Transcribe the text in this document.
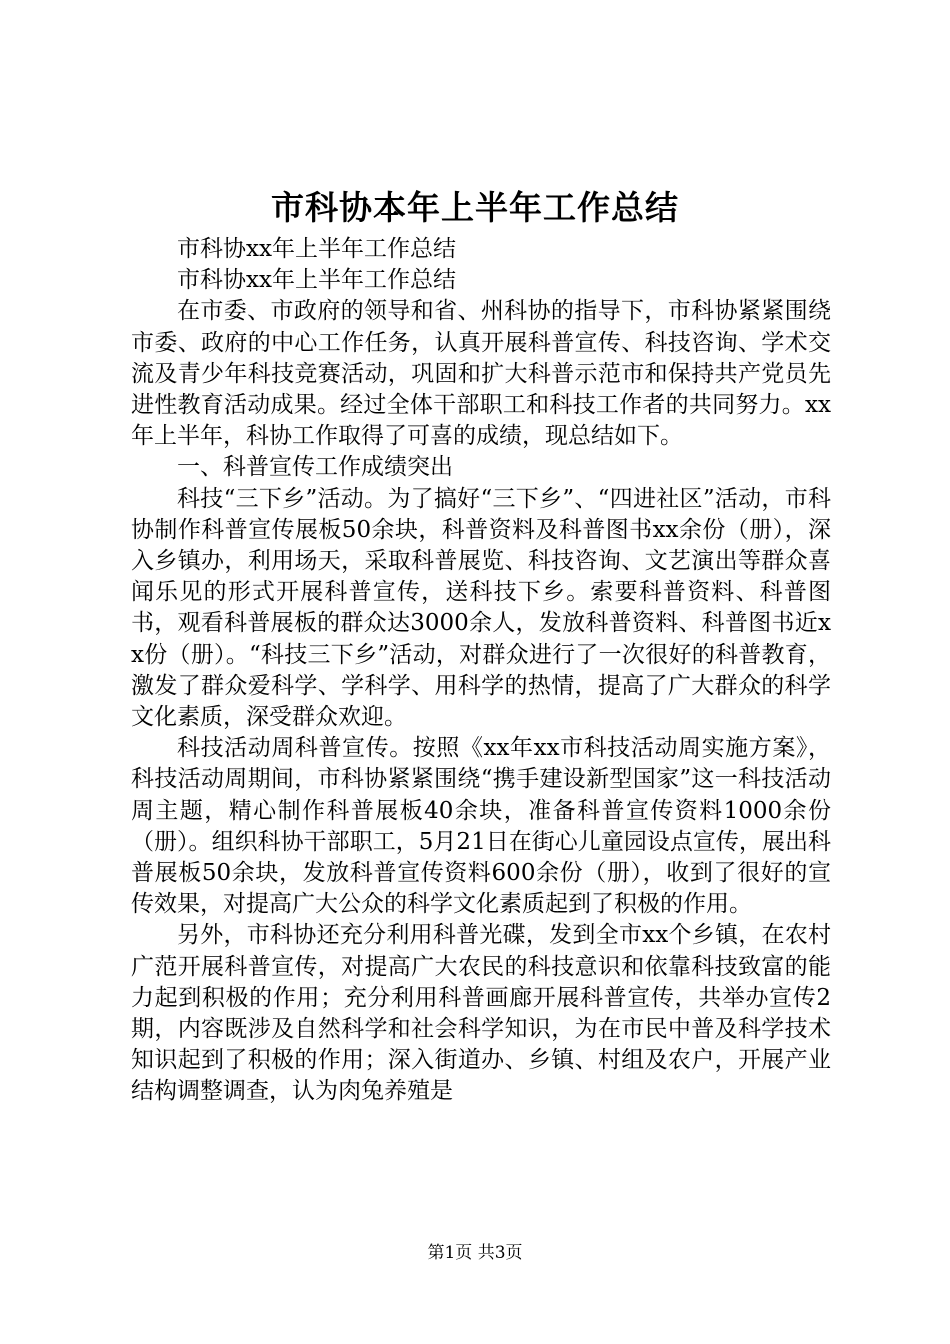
市科协本年上半年工作总结

市科协xx年上半年工作总结

市科协xx年上半年工作总结

在市委、市政府的领导和省、州科协的指导下，市科协紧紧围绕市委、政府的中心工作任务，认真开展科普宣传、科技咨询、学术交流及青少年科技竞赛活动，巩固和扩大科普示范市和保持共产党员先进性教育活动成果。经过全体干部职工和科技工作者的共同努力。xx年上半年，科协工作取得了可喜的成绩，现总结如下。

一、科普宣传工作成绩突出

科技“三下乡”活动。为了搞好“三下乡”、“四进社区”活动，市科协制作科普宣传展板50余块，科普资料及科普图书xx余份（册），深入乡镇办，利用场天，采取科普展览、科技咨询、文艺演出等群众喜闻乐见的形式开展科普宣传，送科技下乡。索要科普资料、科普图书，观看科普展板的群众达3000余人，发放科普资料、科普图书近xx份（册）。“科技三下乡”活动，对群众进行了一次很好的科普教育，激发了群众爱科学、学科学、用科学的热情，提高了广大群众的科学文化素质，深受群众欢迎。

科技活动周科普宣传。按照《xx年xx市科技活动周实施方案》，科技活动周期间，市科协紧紧围绕“携手建设新型国家”这一科技活动周主题，精心制作科普展板40余块，准备科普宣传资料1000余份（册）。组织科协干部职工，5月21日在街心儿童园设点宣传，展出科普展板50余块，发放科普宣传资料600余份（册），收到了很好的宣传效果，对提高广大公众的科学文化素质起到了积极的作用。

另外，市科协还充分利用科普光碟，发到全市xx个乡镇，在农村广范开展科普宣传，对提高广大农民的科技意识和依靠科技致富的能力起到积极的作用；充分利用科普画廊开展科普宣传，共举办宣传2期，内容既涉及自然科学和社会科学知识，为在市民中普及科学技术知识起到了积极的作用；深入街道办、乡镇、村组及农户，开展产业结构调整调查，认为肉兔养殖是

第1页 共3页
